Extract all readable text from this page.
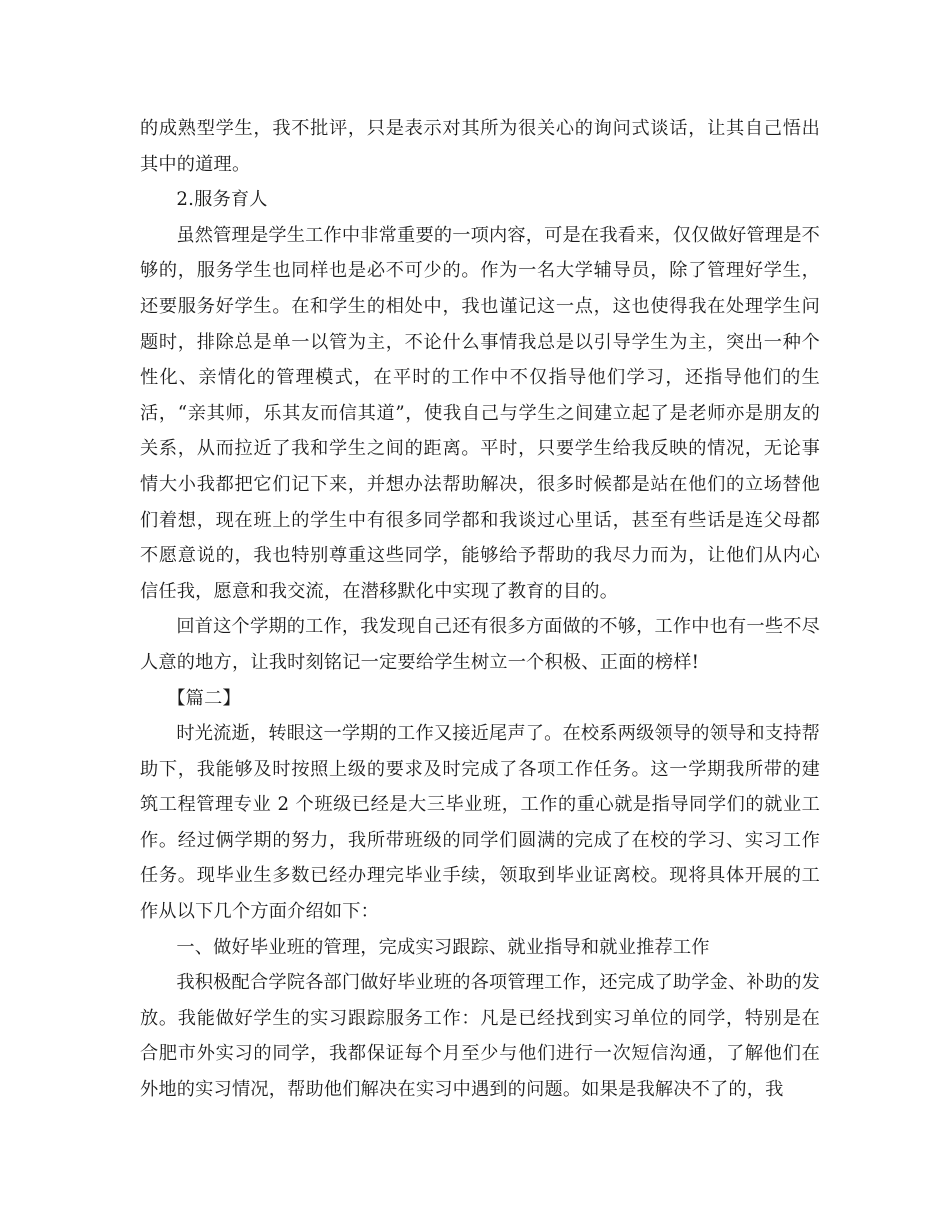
的成熟型学生，我不批评，只是表示对其所为很关心的询问式谈话，让其自己悟出其中的道理。

2.服务育人

虽然管理是学生工作中非常重要的一项内容，可是在我看来，仅仅做好管理是不够的，服务学生也同样也是必不可少的。作为一名大学辅导员，除了管理好学生，还要服务好学生。在和学生的相处中，我也谨记这一点，这也使得我在处理学生问题时，排除总是单一以管为主，不论什么事情我总是以引导学生为主，突出一种个性化、亲情化的管理模式，在平时的工作中不仅指导他们学习，还指导他们的生活，“亲其师，乐其友而信其道”，使我自己与学生之间建立起了是老师亦是朋友的关系，从而拉近了我和学生之间的距离。平时，只要学生给我反映的情况，无论事情大小我都把它们记下来，并想办法帮助解决，很多时候都是站在他们的立场替他们着想，现在班上的学生中有很多同学都和我谈过心里话，甚至有些话是连父母都不愿意说的，我也特别尊重这些同学，能够给予帮助的我尽力而为，让他们从内心信任我，愿意和我交流，在潜移默化中实现了教育的目的。

回首这个学期的工作，我发现自己还有很多方面做的不够，工作中也有一些不尽人意的地方，让我时刻铭记一定要给学生树立一个积极、正面的榜样!

【篇二】

时光流逝，转眼这一学期的工作又接近尾声了。在校系两级领导的领导和支持帮助下，我能够及时按照上级的要求及时完成了各项工作任务。这一学期我所带的建筑工程管理专业 2 个班级已经是大三毕业班，工作的重心就是指导同学们的就业工作。经过俩学期的努力，我所带班级的同学们圆满的完成了在校的学习、实习工作任务。现毕业生多数已经办理完毕业手续，领取到毕业证离校。现将具体开展的工作从以下几个方面介绍如下：

一、做好毕业班的管理，完成实习跟踪、就业指导和就业推荐工作

我积极配合学院各部门做好毕业班的各项管理工作，还完成了助学金、补助的发放。我能做好学生的实习跟踪服务工作：凡是已经找到实习单位的同学，特别是在合肥市外实习的同学，我都保证每个月至少与他们进行一次短信沟通，了解他们在外地的实习情况，帮助他们解决在实习中遇到的问题。如果是我解决不了的，我
